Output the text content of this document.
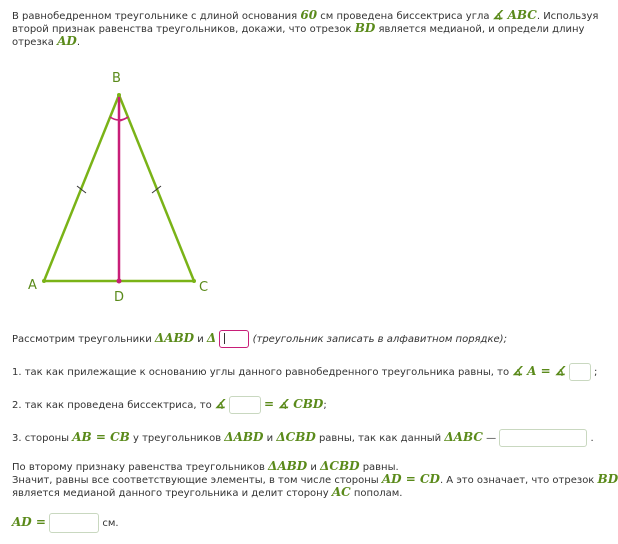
В равнобедренном треугольнике с длиной основания 60 см проведена биссектриса угла ∡ ABC. Используя
второй признак равенства треугольников, докажи, что отрезок BD является медианой, и определи длину
отрезка AD.
B
A	C
D
Рассмотрим треугольники ΔABD и Δ	(треугольник записать в алфавитном порядке);
1. так как прилежащие к основанию углы данного равнобедренного треугольника равны, то ∡ A = ∡	;
2. так как проведена биссектриса, то ∡	= ∡ CBD;
3. стороны AB = CB у треугольников ΔABD и ΔCBD равны, так как данный ΔABC —	.
По второму признаку равенства треугольников ΔABD и ΔCBD равны.
Значит, равны все соответствующие элементы, в том числе стороны AD = CD. А это означает, что отрезок BD
является медианой данного треугольника и делит сторону AC пополам.
AD =	см.
